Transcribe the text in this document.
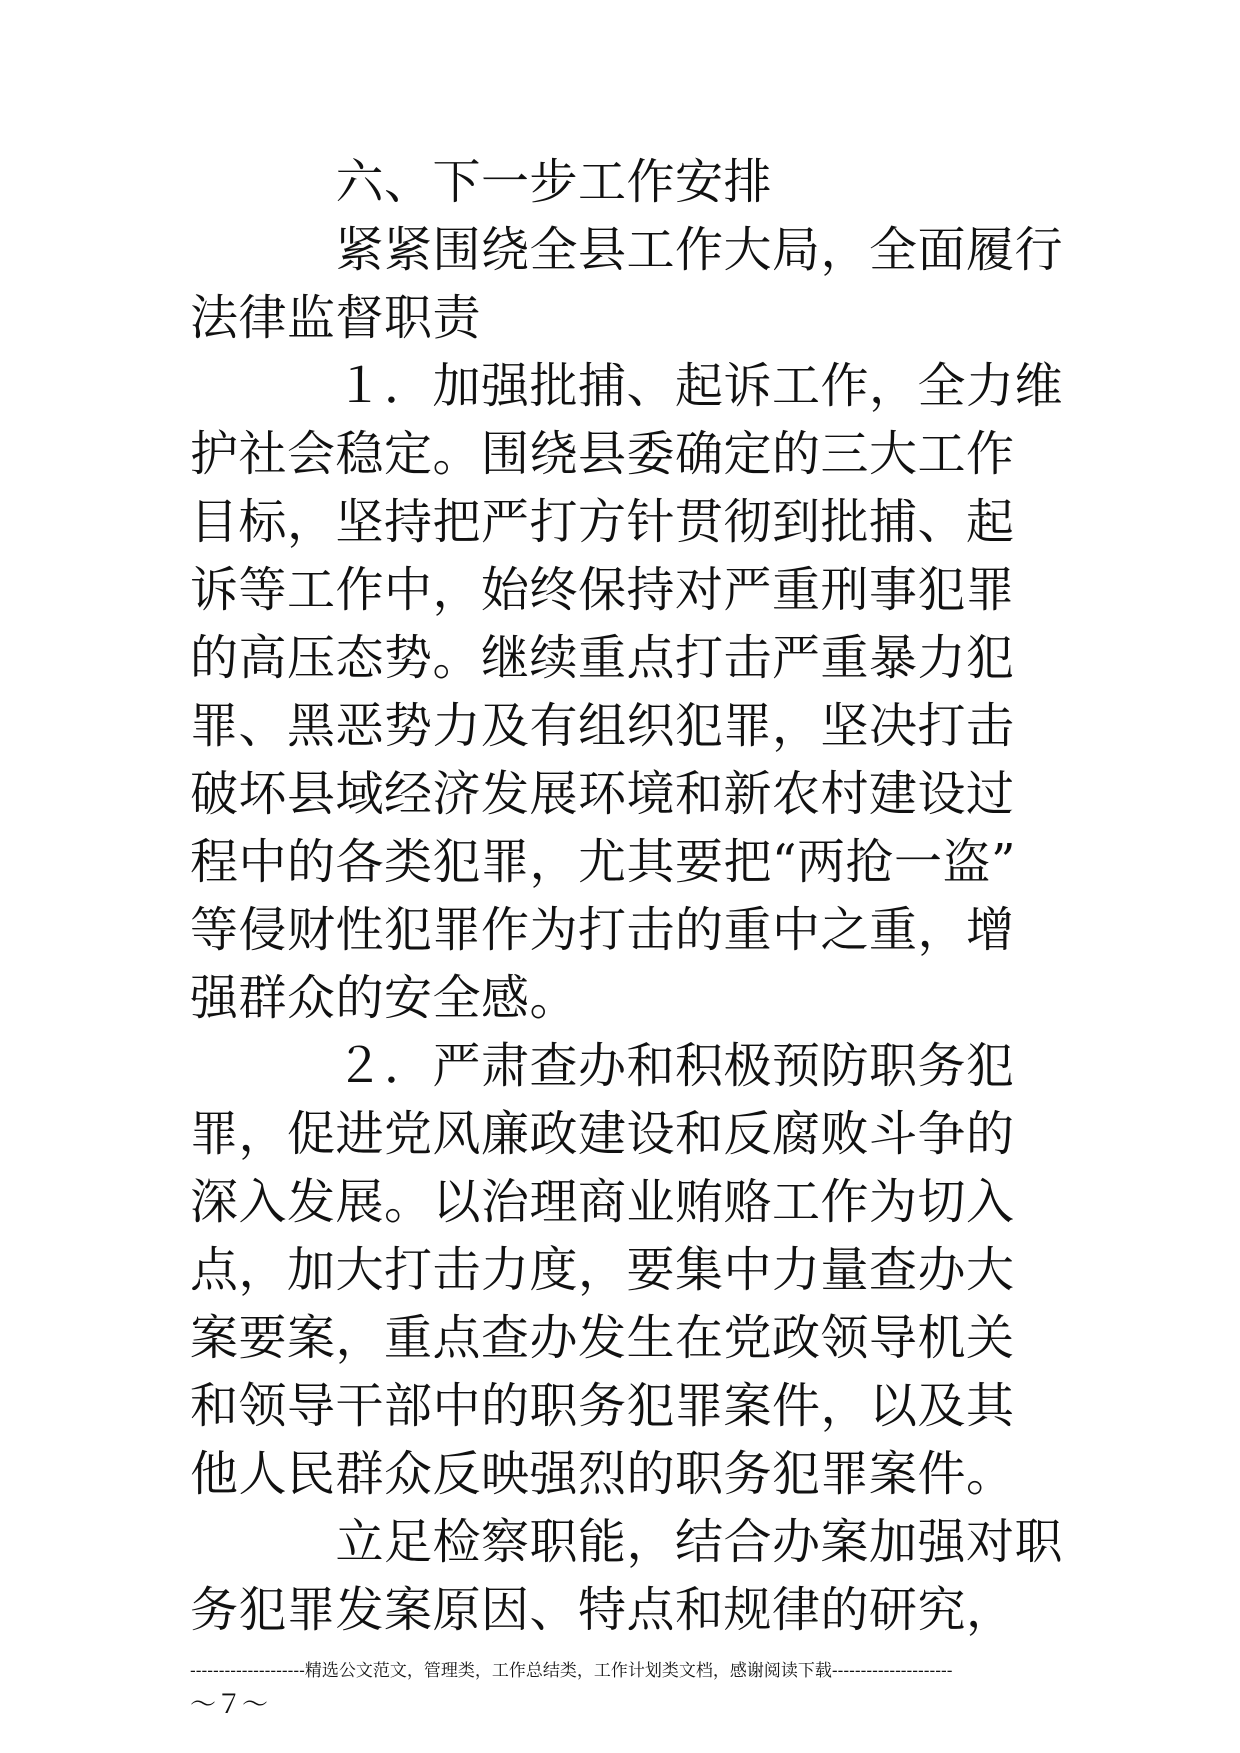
　　　六、下一步工作安排

　　　紧紧围绕全县工作大局，全面履行

法律监督职责

　　　１．加强批捕、起诉工作，全力维

护社会稳定。围绕县委确定的三大工作

目标，坚持把严打方针贯彻到批捕、起

诉等工作中，始终保持对严重刑事犯罪

的高压态势。继续重点打击严重暴力犯

罪、黑恶势力及有组织犯罪，坚决打击

破坏县域经济发展环境和新农村建设过

程中的各类犯罪，尤其要把“两抢一盗”

等侵财性犯罪作为打击的重中之重，增

强群众的安全感。

　　　２．严肃查办和积极预防职务犯

罪，促进党风廉政建设和反腐败斗争的

深入发展。以治理商业贿赂工作为切入

点，加大打击力度，要集中力量查办大

案要案，重点查办发生在党政领导机关

和领导干部中的职务犯罪案件，以及其

他人民群众反映强烈的职务犯罪案件。

　　　立足检察职能，结合办案加强对职

务犯罪发案原因、特点和规律的研究，

--------------------精选公文范文，管理类，工作总结类，工作计划类文档，感谢阅读下载---------------------
～７～
